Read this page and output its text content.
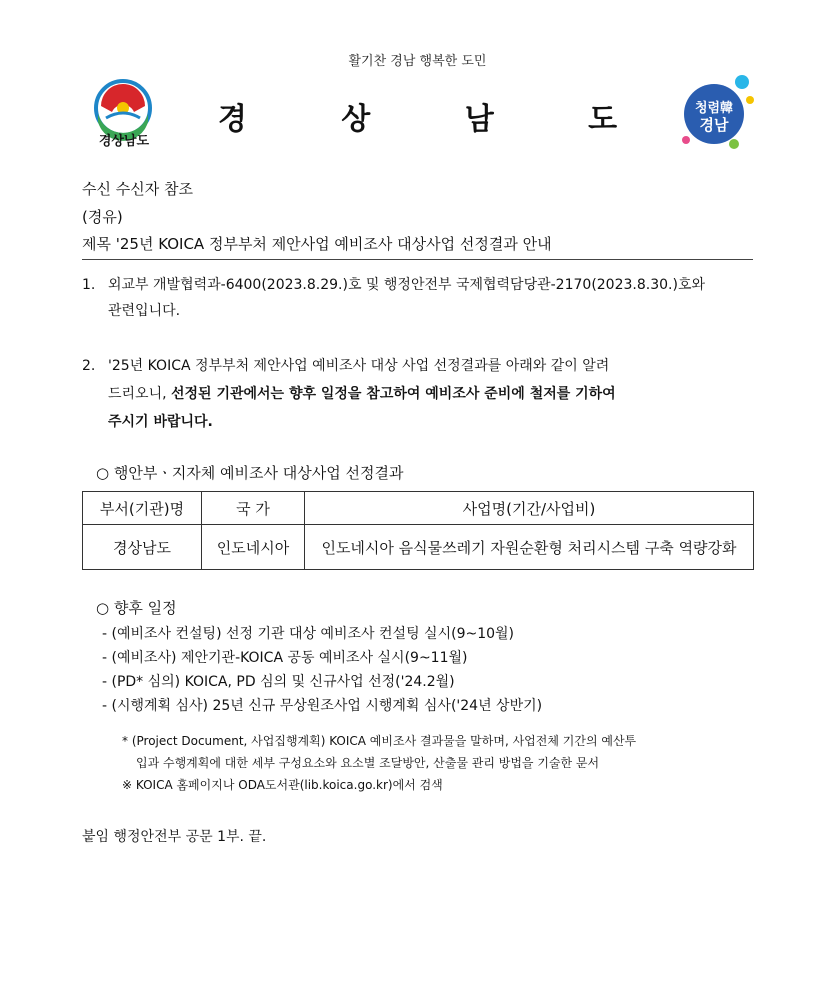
활기찬 경남 행복한 도민
경상남도
경 상 남 도	청렴韓
경남
수신 수신자 참조
(경유)
제목 '25년 KOICA 정부부처 제안사업 예비조사 대상사업 선정결과 안내
1. 외교부 개발협력과-6400(2023.8.29.)호 및 행정안전부 국제협력담당관-2170(2023.8.30.)호와
관련입니다.
2. '25년 KOICA 정부부처 제안사업 예비조사 대상 사업 선정결과를 아래와 같이 알려
드리오니, 선정된 기관에서는 향후 일정을 참고하여 예비조사 준비에 철저를 기하여
주시기 바랍니다.
○ 행안부ㆍ지자체 예비조사 대상사업 선정결과
부서(기관)명	국 가	사업명(기간/사업비)
경상남도	인도네시아	인도네시아 음식물쓰레기 자원순환형 처리시스템 구축 역량강화
○ 향후 일정
- (예비조사 컨설팅) 선정 기관 대상 예비조사 컨설팅 실시(9~10월)
- (예비조사) 제안기관-KOICA 공동 예비조사 실시(9~11월)
- (PD* 심의) KOICA, PD 심의 및 신규사업 선정('24.2월)
- (시행계획 심사) 25년 신규 무상원조사업 시행계획 심사('24년 상반기)
* (Project Document, 사업집행계획) KOICA 예비조사 결과물을 말하며, 사업전체 기간의 예산투
입과 수행계획에 대한 세부 구성요소와 요소별 조달방안, 산출물 관리 방법을 기술한 문서
※ KOICA 홈페이지나 ODA도서관(lib.koica.go.kr)에서 검색
붙임 행정안전부 공문 1부. 끝.
